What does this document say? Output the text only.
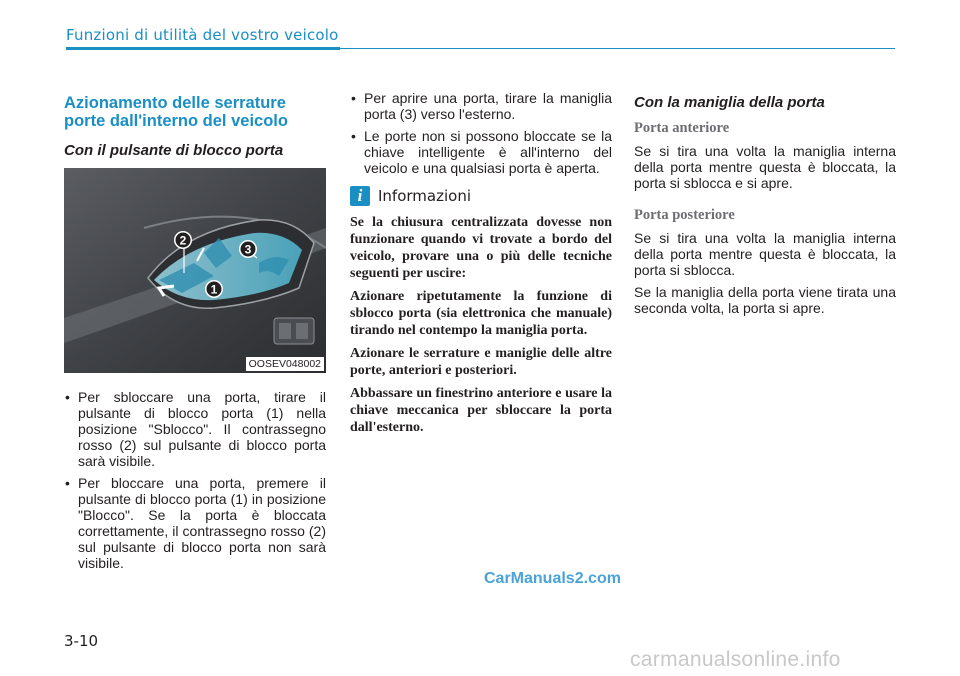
Funzioni di utilità del vostro veicolo
Azionamento delle serrature porte dall'interno del veicolo
Con il pulsante di blocco porta
1
2
3
OOSEV048002
• Per sbloccare una porta, tirare il pulsante di blocco porta (1) nella posizione "Sblocco". Il contrassegno rosso (2) sul pulsante di blocco porta sarà visibile.
• Per bloccare una porta, premere il pulsante di blocco porta (1) in posizione "Blocco". Se la porta è bloccata correttamente, il contrassegno rosso (2) sul pulsante di blocco porta non sarà visibile.
• Per aprire una porta, tirare la maniglia porta (3) verso l'esterno.
• Le porte non si possono bloccate se la chiave intelligente è all'interno del veicolo e una qualsiasi porta è aperta.
i	Informazioni

Se la chiusura centralizzata dovesse non funzionare quando vi trovate a bordo del veicolo, provare una o più delle tecniche seguenti per uscire:

Azionare ripetutamente la funzione di sblocco porta (sia elettronica che manuale) tirando nel contempo la maniglia porta.

Azionare le serrature e maniglie delle altre porte, anteriori e posteriori.

Abbassare un finestrino anteriore e usare la chiave meccanica per sbloccare la porta dall'esterno.

Con la maniglia della porta
Porta anteriore

Se si tira una volta la maniglia interna della porta mentre questa è bloccata, la porta si sblocca e si apre.

Porta posteriore

Se si tira una volta la maniglia interna della porta mentre questa è bloccata, la porta si sblocca.

Se la maniglia della porta viene tirata una seconda volta, la porta si apre.

CarManuals2.com
3-10
carmanualsonline.info
